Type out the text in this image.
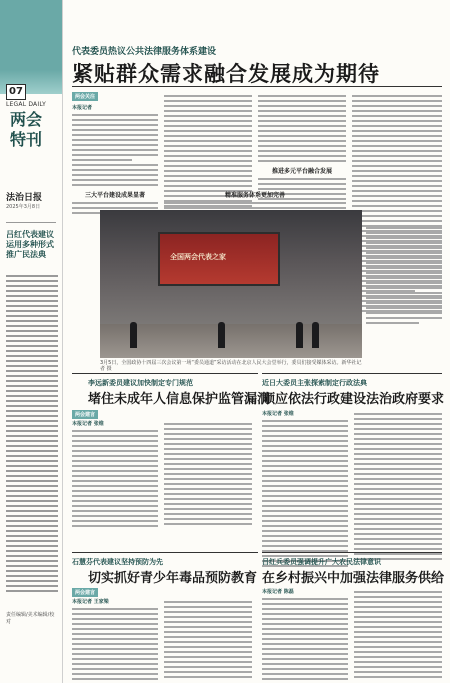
07
LEGAL DAILY
两会特刊
法治日报
2025年3月8日
吕红代表建议运用多种形式推广民法典
责任编辑/美术编辑/校对
代表委员热议公共法律服务体系建设
紧贴群众需求融合发展成为期待
两会关注
本报记者
三大平台建设成果显著
推进多元平台融合发展
精准服务体系更加完善
全国两会代表之家
3月5日，全国政协十四届三次会议第一场“委员通道”采访活动在北京人民大会堂举行，委员们接受媒体采访。新华社记者 摄
李远新委员建议加快制定专门规范
堵住未成年人信息保护监管漏洞
两会建言
本报记者 张维
近日大委员主张探索制定行政法典
顺应依法行政建设法治政府要求
本报记者 张维
石慧芬代表建议坚持预防为先
切实抓好青少年毒品预防教育
两会建言
本报记者 王家梁
吕红兵委员强调提升广大农民法律意识
在乡村振兴中加强法律服务供给
本报记者 陈磊
